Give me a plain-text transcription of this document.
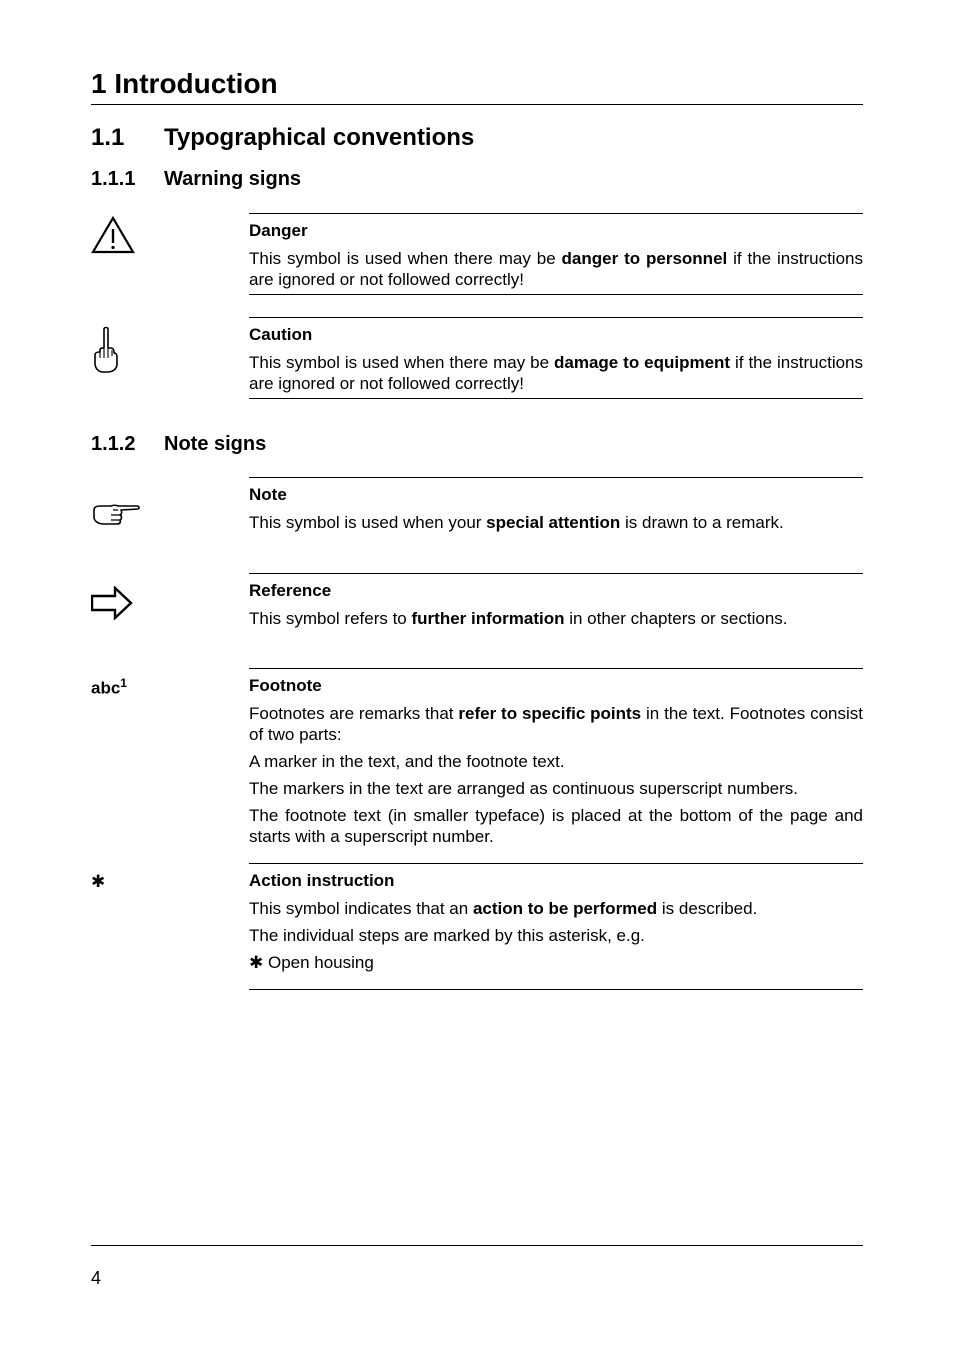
1 Introduction
1.1 Typographical conventions
1.1.1 Warning signs
Danger
This symbol is used when there may be danger to personnel if the instructions are ignored or not followed correctly!
Caution
This symbol is used when there may be damage to equipment if the instructions are ignored or not followed correctly!
1.1.2 Note signs
Note
This symbol is used when your special attention is drawn to a remark.
Reference
This symbol refers to further information in other chapters or sections.
abc$^1$	Footnote
Footnotes are remarks that refer to specific points in the text. Footnotes consist of two parts:
A marker in the text, and the footnote text.
The markers in the text are arranged as continuous superscript numbers.
The footnote text (in smaller typeface) is placed at the bottom of the page and starts with a superscript number.
✱	Action instruction
This symbol indicates that an action to be performed is described.
The individual steps are marked by this asterisk, e.g.
✱ Open housing
4
